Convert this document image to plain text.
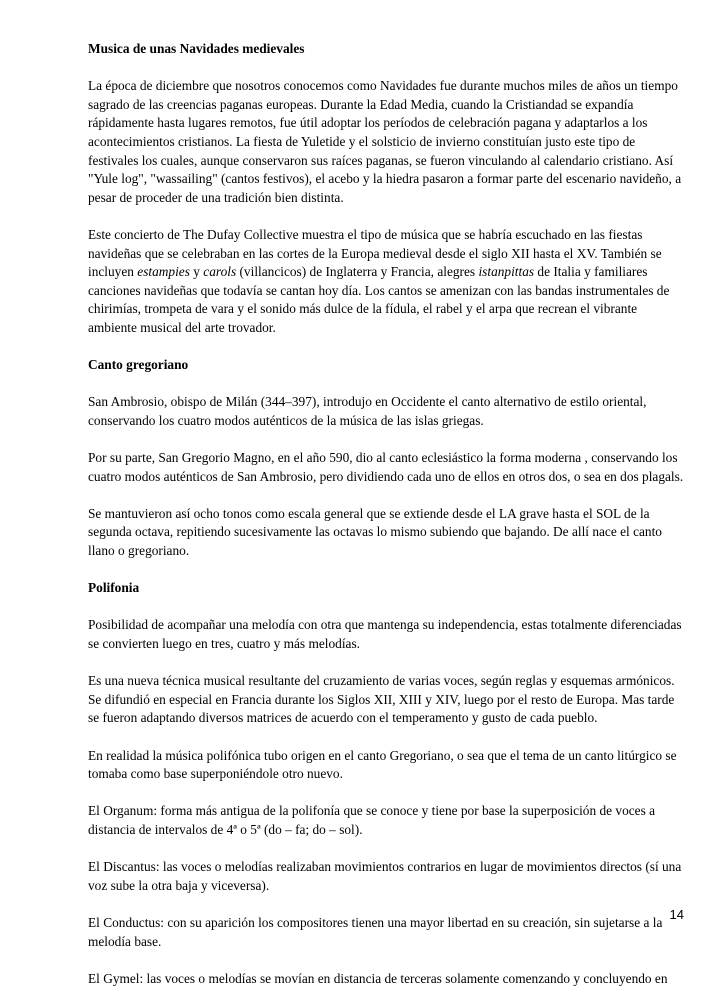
Musica de unas Navidades medievales

La época de diciembre que nosotros conocemos como Navidades fue durante muchos miles de años un tiempo sagrado de las creencias paganas europeas. Durante la Edad Media, cuando la Cristiandad se expandía rápidamente hasta lugares remotos, fue útil adoptar los períodos de celebración pagana y adaptarlos a los acontecimientos cristianos. La fiesta de Yuletide y el solsticio de invierno constituían justo este tipo de festivales los cuales, aunque conservaron sus raíces paganas, se fueron vinculando al calendario cristiano. Así "Yule log", "wassailing" (cantos festivos), el acebo y la hiedra pasaron a formar parte del escenario navideño, a pesar de proceder de una tradición bien distinta.

Este concierto de The Dufay Collective muestra el tipo de música que se habría escuchado en las fiestas navideñas que se celebraban en las cortes de la Europa medieval desde el siglo XII hasta el XV. También se incluyen estampies y carols (villancicos) de Inglaterra y Francia, alegres istanpittas de Italia y familiares canciones navideñas que todavía se cantan hoy día. Los cantos se amenizan con las bandas instrumentales de chirimías, trompeta de vara y el sonido más dulce de la fídula, el rabel y el arpa que recrean el vibrante ambiente musical del arte trovador.

Canto gregoriano

San Ambrosio, obispo de Milán (344–397), introdujo en Occidente el canto alternativo de estilo oriental, conservando los cuatro modos auténticos de la música de las islas griegas.

Por su parte, San Gregorio Magno, en el año 590, dio al canto eclesiástico la forma moderna , conservando los cuatro modos auténticos de San Ambrosio, pero dividiendo cada uno de ellos en otros dos, o sea en dos plagals.

Se mantuvieron así ocho tonos como escala general que se extiende desde el LA grave hasta el SOL de la segunda octava, repitiendo sucesivamente las octavas lo mismo subiendo que bajando. De allí nace el canto llano o gregoriano.

Polifonia

Posibilidad de acompañar una melodía con otra que mantenga su independencia, estas totalmente diferenciadas se convierten luego en tres, cuatro y más melodías.

Es una nueva técnica musical resultante del cruzamiento de varias voces, según reglas y esquemas armónicos. Se difundió en especial en Francia durante los Siglos XII, XIII y XIV, luego por el resto de Europa. Mas tarde se fueron adaptando diversos matrices de acuerdo con el temperamento y gusto de cada pueblo.

En realidad la música polifónica tubo origen en el canto Gregoriano, o sea que el tema de un canto litúrgico se tomaba como base superponiéndole otro nuevo.

El Organum: forma más antigua de la polifonía que se conoce y tiene por base la superposición de voces a distancia de intervalos de 4ª o 5ª (do – fa; do – sol).

El Discantus: las voces o melodías realizaban movimientos contrarios en lugar de movimientos directos (sí una voz sube la otra baja y viceversa).

El Conductus: con su aparición los compositores tienen una mayor libertad en su creación, sin sujetarse a la melodía base.

El Gymel: las voces o melodías se movían en distancia de terceras solamente comenzando y concluyendo en

14
